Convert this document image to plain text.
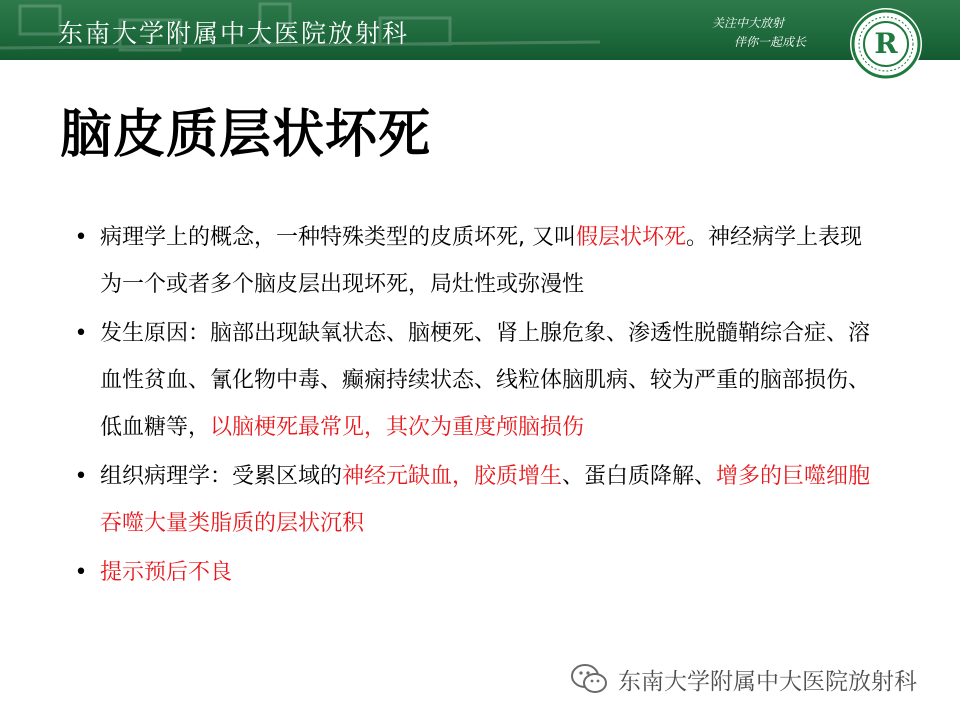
东南大学附属中大医院放射科	关注中大放射
伴你一起成长	R
脑皮质层状坏死
• 病理学上的概念，一种特殊类型的皮质坏死, 又叫假层状坏死。神经病学上表现为一个或者多个脑皮层出现坏死，局灶性或弥漫性
• 发生原因：脑部出现缺氧状态、脑梗死、肾上腺危象、渗透性脱髓鞘综合症、溶血性贫血、氰化物中毒、癫痫持续状态、线粒体脑肌病、较为严重的脑部损伤、低血糖等，以脑梗死最常见，其次为重度颅脑损伤
• 组织病理学：受累区域的神经元缺血，胶质增生、蛋白质降解、增多的巨噬细胞吞噬大量类脂质的层状沉积
• 提示预后不良
东南大学附属中大医院放射科
